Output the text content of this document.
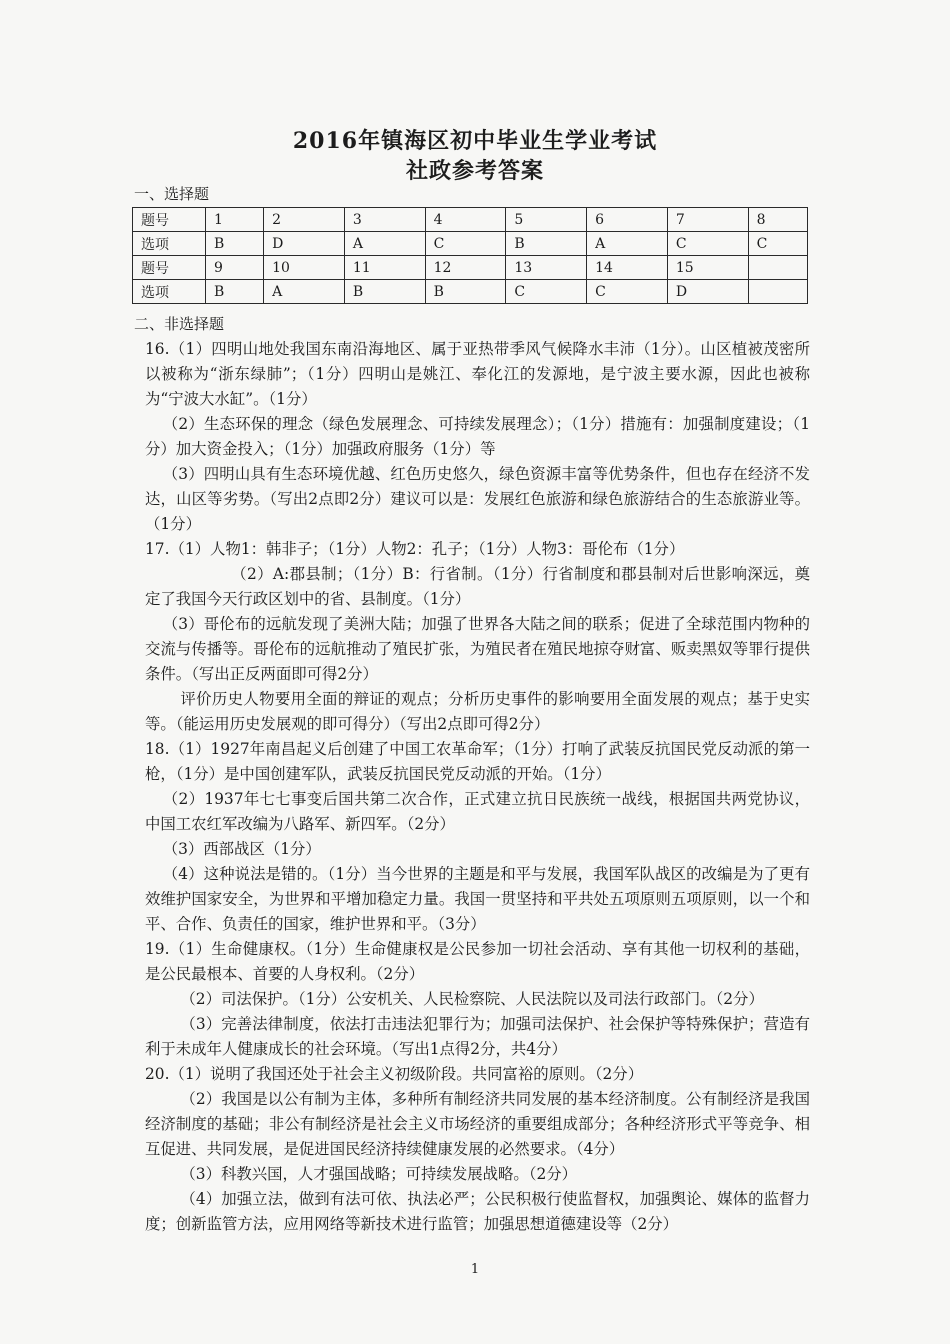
2016年镇海区初中毕业生学业考试
社政参考答案
一、选择题
题号	1	2	3	4	5	6	7	8
选项	B	D	A	C	B	A	C	C
题号	9	10	11	12	13	14	15	
选项	B	A	B	B	C	C	D	
二、非选择题

16.（1）四明山地处我国东南沿海地区、属于亚热带季风气候降水丰沛（1分）。山区植被茂密所以被称为“浙东绿肺”；（1分）四明山是姚江、奉化江的发源地，是宁波主要水源，因此也被称为“宁波大水缸”。（1分）

（2）生态环保的理念（绿色发展理念、可持续发展理念）；（1分）措施有：加强制度建设；（1分）加大资金投入；（1分）加强政府服务（1分）等

（3）四明山具有生态环境优越、红色历史悠久，绿色资源丰富等优势条件，但也存在经济不发达，山区等劣势。（写出2点即2分）建议可以是：发展红色旅游和绿色旅游结合的生态旅游业等。（1分）

17.（1）人物1：韩非子；（1分）人物2：孔子；（1分）人物3：哥伦布（1分）

（2）A:郡县制；（1分）B：行省制。（1分）行省制度和郡县制对后世影响深远，奠定了我国今天行政区划中的省、县制度。（1分）

（3）哥伦布的远航发现了美洲大陆；加强了世界各大陆之间的联系；促进了全球范围内物种的交流与传播等。哥伦布的远航推动了殖民扩张，为殖民者在殖民地掠夺财富、贩卖黑奴等罪行提供条件。（写出正反两面即可得2分）

评价历史人物要用全面的辩证的观点；分析历史事件的影响要用全面发展的观点；基于史实等。（能运用历史发展观的即可得分）（写出2点即可得2分）

18.（1）1927年南昌起义后创建了中国工农革命军；（1分）打响了武装反抗国民党反动派的第一枪，（1分）是中国创建军队，武装反抗国民党反动派的开始。（1分）

（2）1937年七七事变后国共第二次合作，正式建立抗日民族统一战线，根据国共两党协议，中国工农红军改编为八路军、新四军。（2分）

（3）西部战区（1分）

（4）这种说法是错的。（1分）当今世界的主题是和平与发展，我国军队战区的改编是为了更有效维护国家安全，为世界和平增加稳定力量。我国一贯坚持和平共处五项原则五项原则，以一个和平、合作、负责任的国家，维护世界和平。（3分）

19.（1）生命健康权。（1分）生命健康权是公民参加一切社会活动、享有其他一切权利的基础，是公民最根本、首要的人身权利。（2分）

（2）司法保护。（1分）公安机关、人民检察院、人民法院以及司法行政部门。（2分）

（3）完善法律制度，依法打击违法犯罪行为；加强司法保护、社会保护等特殊保护；营造有利于未成年人健康成长的社会环境。（写出1点得2分，共4分）

20.（1）说明了我国还处于社会主义初级阶段。共同富裕的原则。（2分）

（2）我国是以公有制为主体，多种所有制经济共同发展的基本经济制度。公有制经济是我国经济制度的基础；非公有制经济是社会主义市场经济的重要组成部分；各种经济形式平等竞争、相互促进、共同发展，是促进国民经济持续健康发展的必然要求。（4分）

（3）科教兴国，人才强国战略；可持续发展战略。（2分）

（4）加强立法，做到有法可依、执法必严；公民积极行使监督权，加强舆论、媒体的监督力度；创新监管方法，应用网络等新技术进行监管；加强思想道德建设等（2分）

1
